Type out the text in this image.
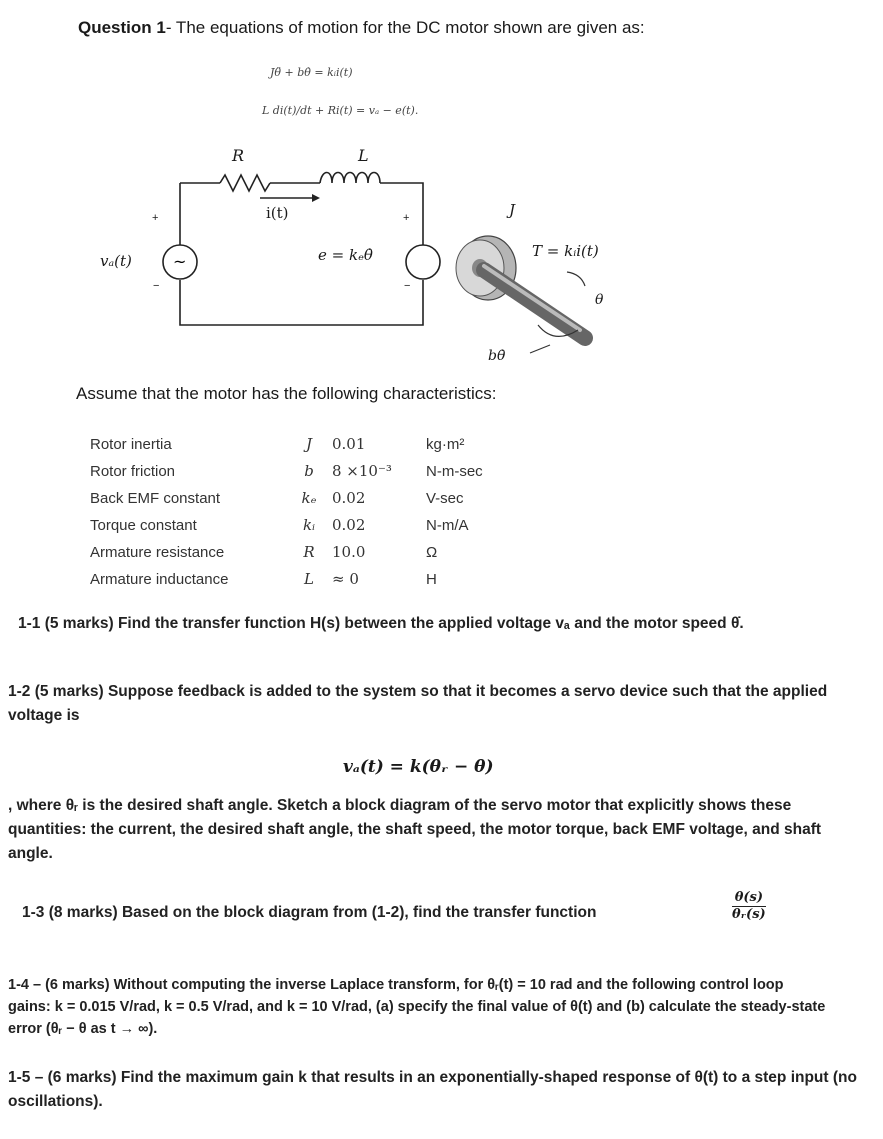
Question 1- The equations of motion for the DC motor shown are given as:
Jθ̈ + bθ̇ = kᵢi(t)
L di(t)/dt + Ri(t) = vₐ − e(t).
~
R	L
i(t)
vₐ(t)
+
−
+
−
e = kₑθ̇
J
T = kᵢi(t)
θ
bθ̇
Assume that the motor has the following characteristics:
Rotor inertia	J	0.01	kg·m²
Rotor friction	b	8 ×10⁻³	N-m-sec
Back EMF constant	kₑ	0.02	V-sec
Torque constant	kᵢ	0.02	N-m/A
Armature resistance	R	10.0	Ω
Armature inductance	L	≈ 0	H
1-1 (5 marks) Find the transfer function H(s) between the applied voltage vₐ and the motor speed θ̇.
1-2 (5 marks) Suppose feedback is added to the system so that it becomes a servo device such that the applied voltage is
vₐ(t) = k(θᵣ − θ)
, where θᵣ is the desired shaft angle. Sketch a block diagram of the servo motor that explicitly shows these quantities: the current, the desired shaft angle, the shaft speed, the motor torque, back EMF voltage, and shaft angle.
1-3 (8 marks) Based on the block diagram from (1-2), find the transfer function	$\frac{\theta(s)}{\text{θᵣ(s)}}$
1-4 – (6 marks) Without computing the inverse Laplace transform, for θᵣ(t) = 10 rad and the following control loop gains: k = 0.015 V/rad, k = 0.5 V/rad, and k = 10 V/rad, (a) specify the final value of θ(t) and (b) calculate the steady-state error (θᵣ − θ as t → ∞).
1-5 – (6 marks) Find the maximum gain k that results in an exponentially-shaped response of θ(t) to a step input (no oscillations).
